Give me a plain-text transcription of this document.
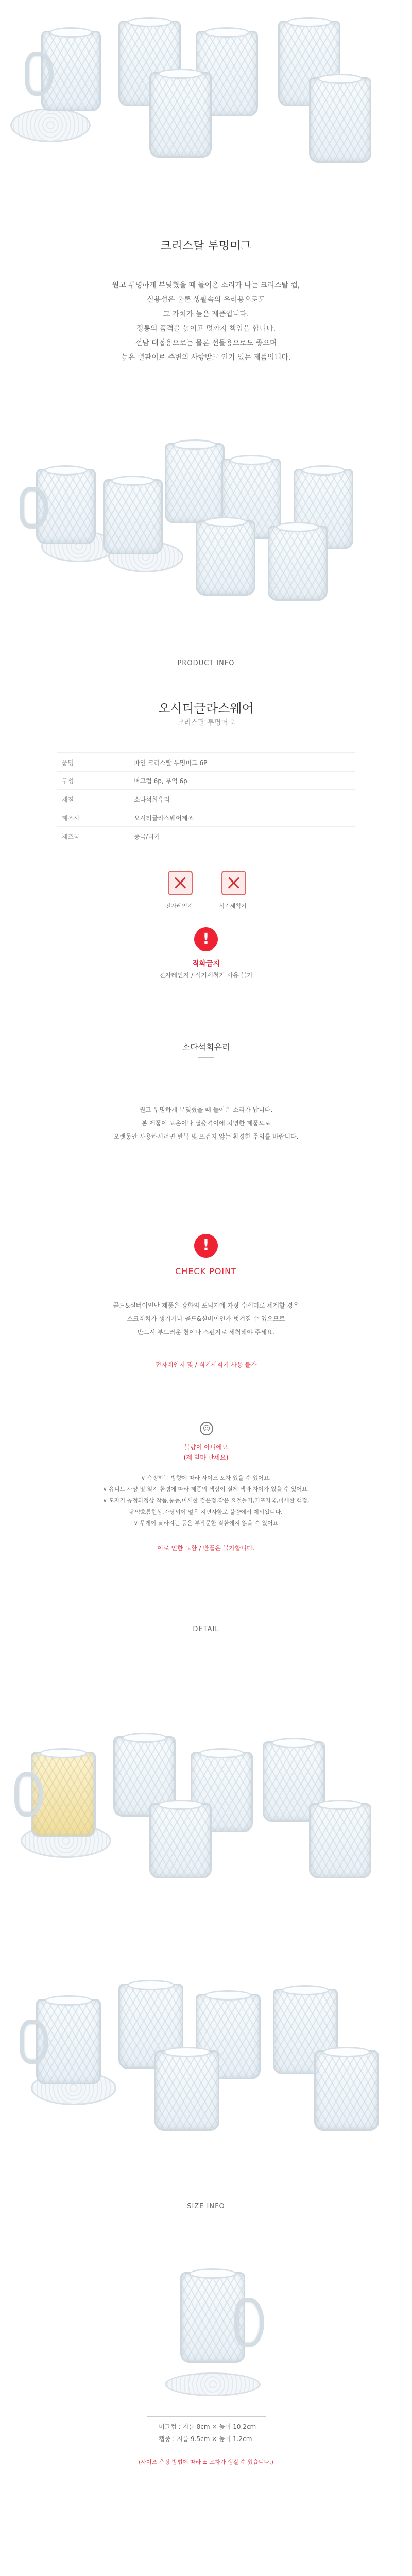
크리스탈 투명머그
원고 투명하게 부딪혔을 때 들어온 소리가 나는 크리스탈 컵,
실용성은 물론 생활속의 유리용으로도
그 가치가 높은 제품입니다.
정통의 품격을 높이고 멋까지 책임을 합니다.
선남 대접용으로는 물론 선물용으로도 좋으며
높은 렬판이로 주변의 사랑받고 인기 있는 제품입니다.
PRODUCT INFO
오시티글라스웨어
크리스탈 투명머그
품명	파인 크리스탈 투명머그 6P
구성	머그컵 6p, 부엌 6p
재질	소다석회유리
제조사	오시티글라스웨어제조
제조국	중국/터키
전자레인지	식기세척기
!
직화금지
전자레인지 / 식기세척기 사용 불가
소다석회유리
원고 투명하게 부딪혔을 때 들어온 소리가 납니다.
본 제품이 고온이나 열충격이에 치명한 제품으로
오랫동안 사용하시려면 반복 및 뜨겁지 않는 환경한 주의를 바랍니다.
!
CHECK POINT
골드&실버이인만 제품은 강화의 포되지에 가장 수세미로 세게할 경우
스크래치가 생기거나 골드&실버이인가 벗겨질 수 있으므로
반드시 부드러운 천이나 스펀지로 세척해야 주세요.
전자레인지 및 / 식기세척기 사용 불가
☺
불량이 아니에요
(제 발마 관세요)
∨ 측정하는 방향에 따라 사이즈 오차 있을 수 있어요.
∨ 유니트 사양 및 일지 환경에 따라 제품의 색상이 실제 색과 차이가 있을 수 있어요.
∨ 도자기 공정과정상 작품,통동,미세한 검은점,작은 요철돌기,기포자국,미세한 핵점,
유약흐름현상,자당외이 얼은 지면사항로 불량에서 제외됩니다.
∨ 무게이 달라지는 등은 부작문한 질환에지 않을 수 있어요
이로 인한 교환 / 반품은 불가합니다.
DETAIL
SIZE INFO
- 머그컵 : 지름 8cm × 높이 10.2cm
- 캡중 : 지름 9.5cm × 높이 1.2cm
(사이즈 측정 방법에 따라 ± 오차가 생길 수 있습니다.)
